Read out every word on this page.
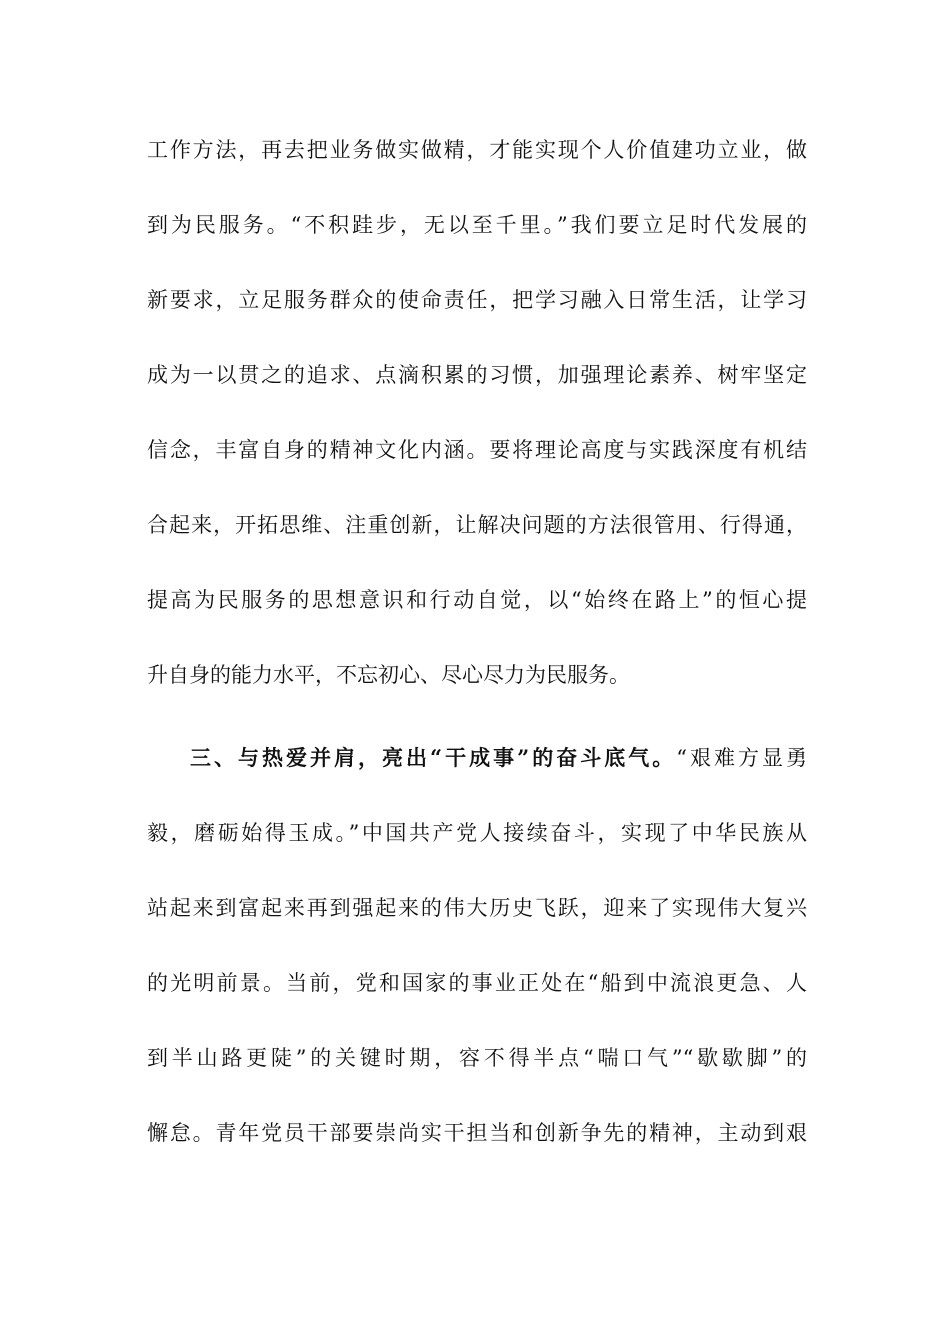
工作方法，再去把业务做实做精，才能实现个人价值建功立业，做
到为民服务。“不积跬步，无以至千里。”我们要立足时代发展的
新要求，立足服务群众的使命责任，把学习融入日常生活，让学习
成为一以贯之的追求、点滴积累的习惯，加强理论素养、树牢坚定
信念，丰富自身的精神文化内涵。要将理论高度与实践深度有机结
合起来，开拓思维、注重创新，让解决问题的方法很管用、行得通，
提高为民服务的思想意识和行动自觉，以“始终在路上”的恒心提
升自身的能力水平，不忘初心、尽心尽力为民服务。
三、与热爱并肩，亮出“干成事”的奋斗底气。“艰难方显勇
毅，磨砺始得玉成。”中国共产党人接续奋斗，实现了中华民族从
站起来到富起来再到强起来的伟大历史飞跃，迎来了实现伟大复兴
的光明前景。当前，党和国家的事业正处在“船到中流浪更急、人
到半山路更陡”的关键时期，容不得半点“喘口气”“歇歇脚”的
懈怠。青年党员干部要崇尚实干担当和创新争先的精神，主动到艰
